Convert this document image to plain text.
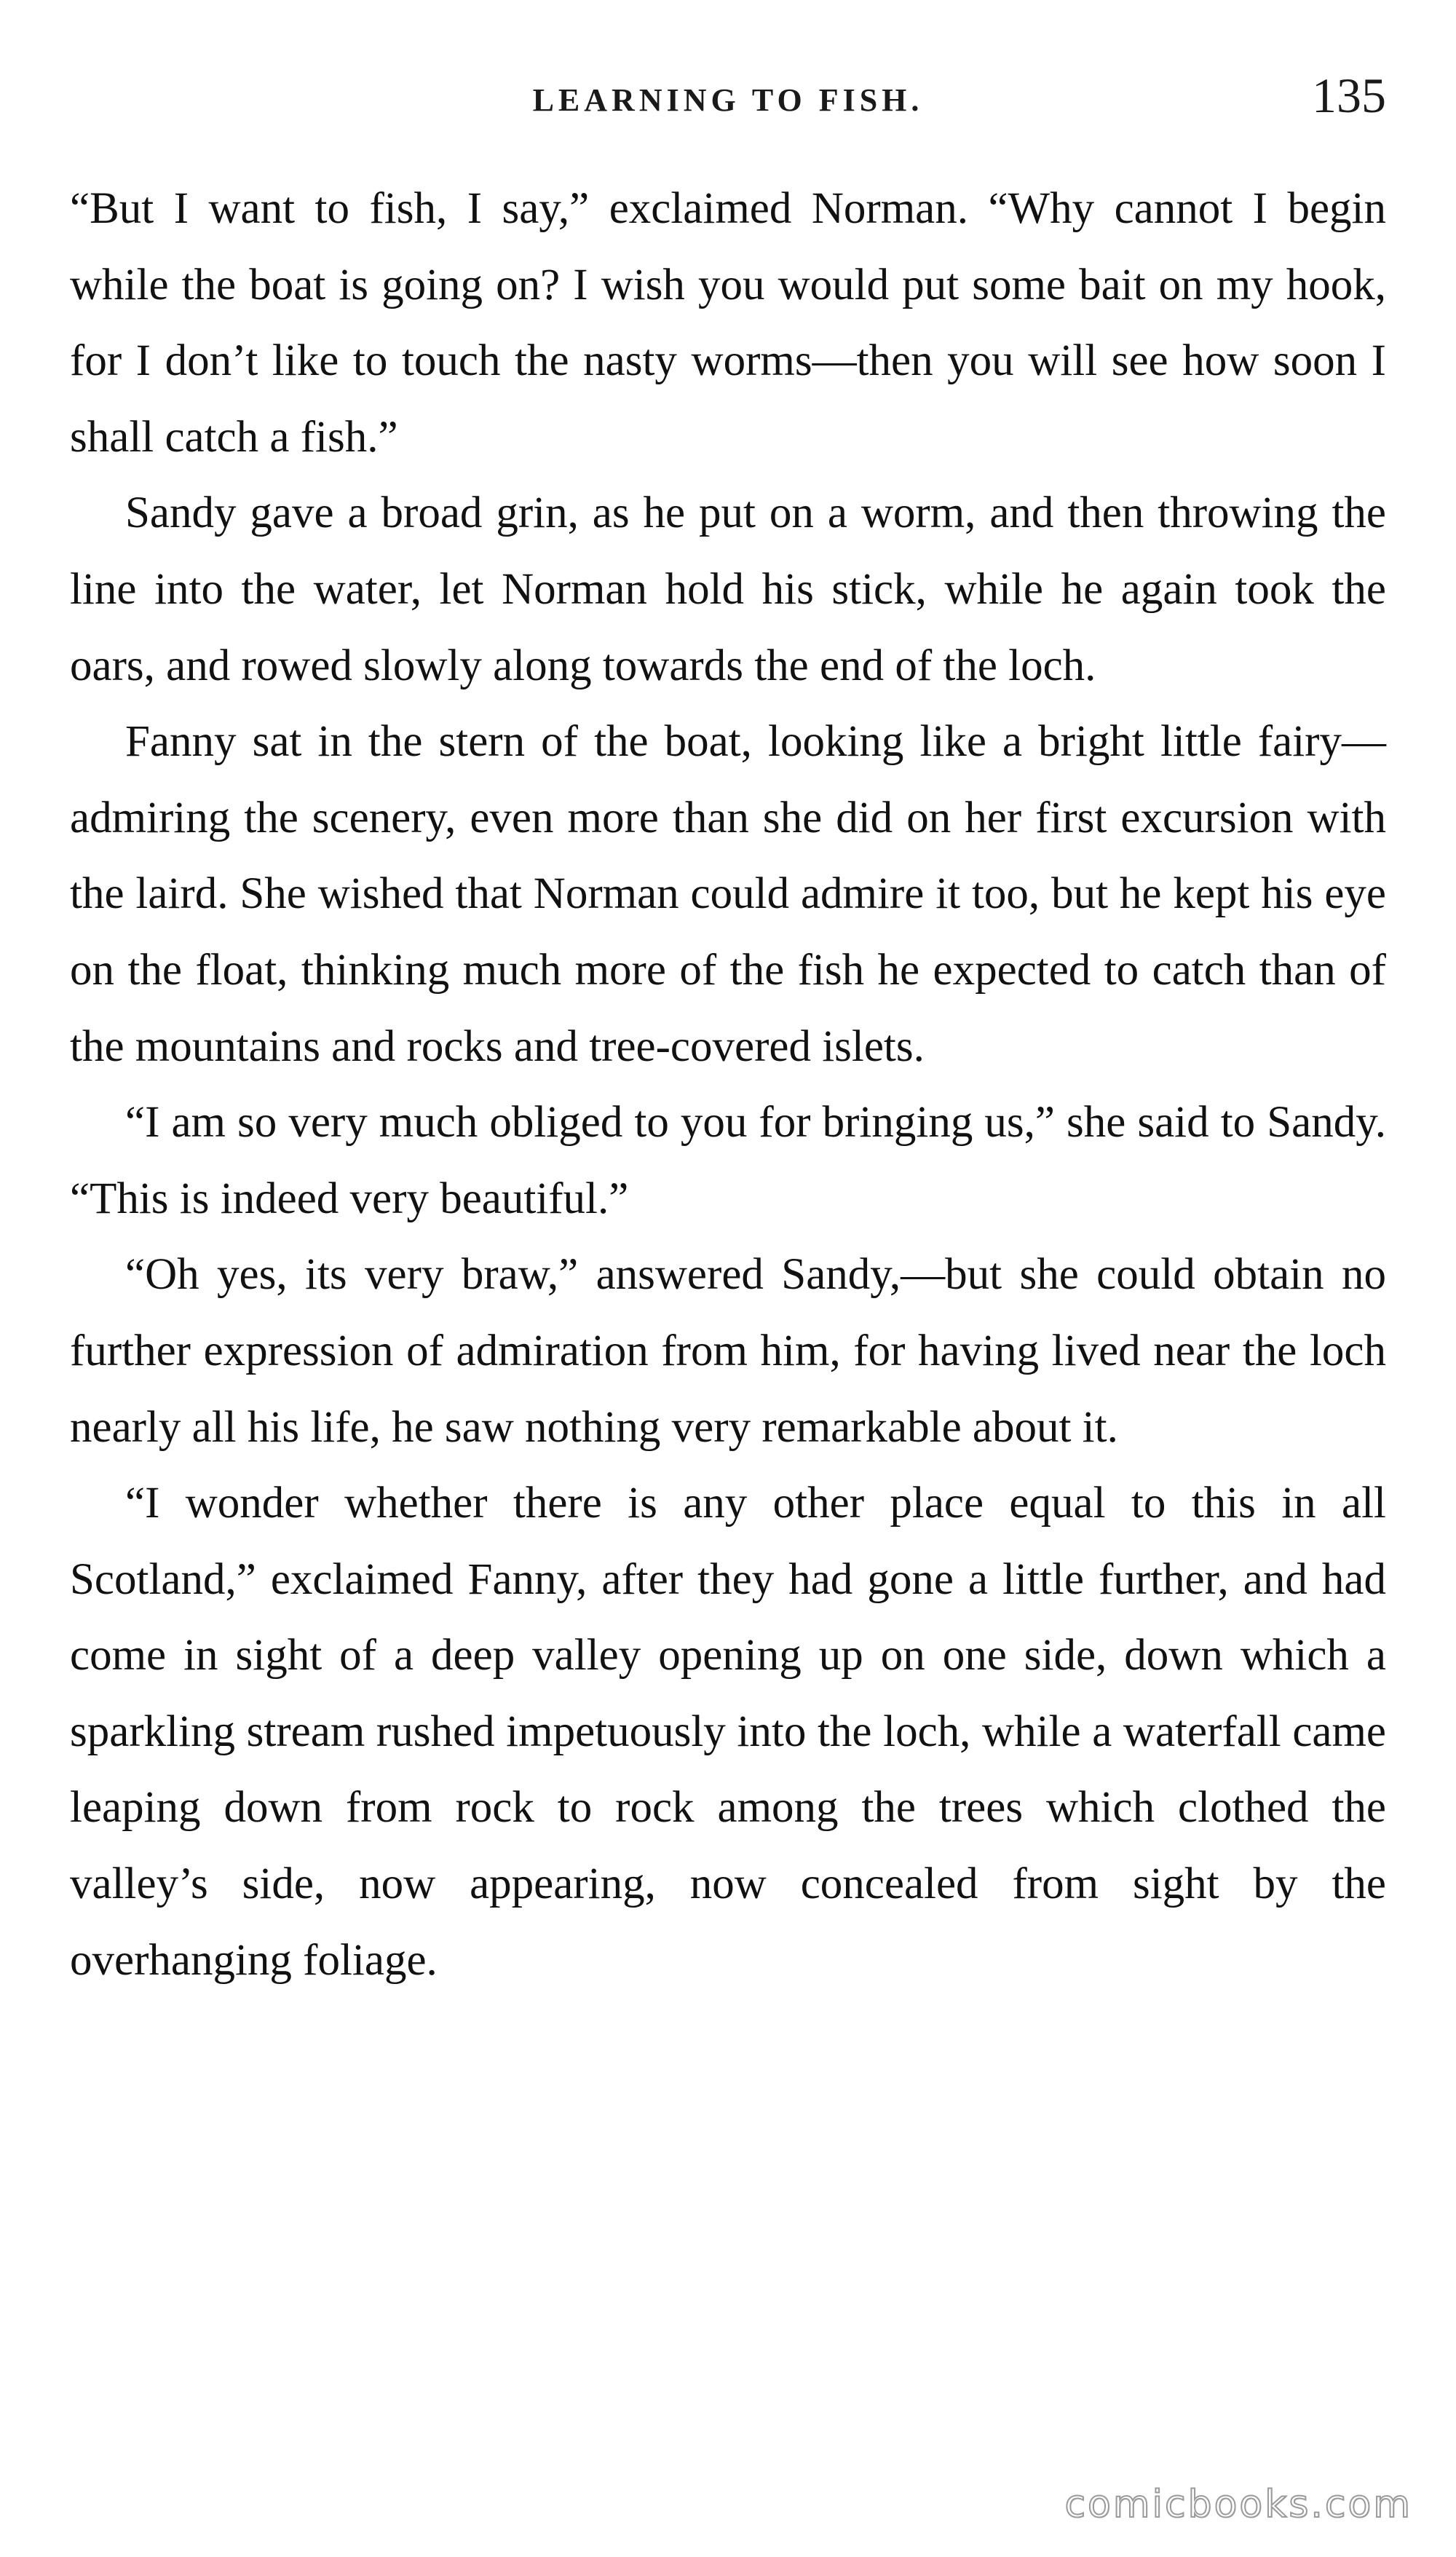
LEARNING TO FISH.	135

“But I want to fish, I say,” exclaimed Norman. “Why cannot I begin while the boat is going on? I wish you would put some bait on my hook, for I don’t like to touch the nasty worms—then you will see how soon I shall catch a fish.”

Sandy gave a broad grin, as he put on a worm, and then throwing the line into the water, let Norman hold his stick, while he again took the oars, and rowed slowly along towards the end of the loch.

Fanny sat in the stern of the boat, looking like a bright little fairy—admiring the scenery, even more than she did on her first excursion with the laird. She wished that Norman could admire it too, but he kept his eye on the float, thinking much more of the fish he expected to catch than of the mountains and rocks and tree-covered islets.

“I am so very much obliged to you for bringing us,” she said to Sandy. “This is indeed very beautiful.”

“Oh yes, its very braw,” answered Sandy,—but she could obtain no further expression of admiration from him, for having lived near the loch nearly all his life, he saw nothing very remarkable about it.

“I wonder whether there is any other place equal to this in all Scotland,” exclaimed Fanny, after they had gone a little further, and had come in sight of a deep valley opening up on one side, down which a sparkling stream rushed impetuously into the loch, while a waterfall came leaping down from rock to rock among the trees which clothed the valley’s side, now appearing, now concealed from sight by the overhanging foliage.

comicbooks.com
